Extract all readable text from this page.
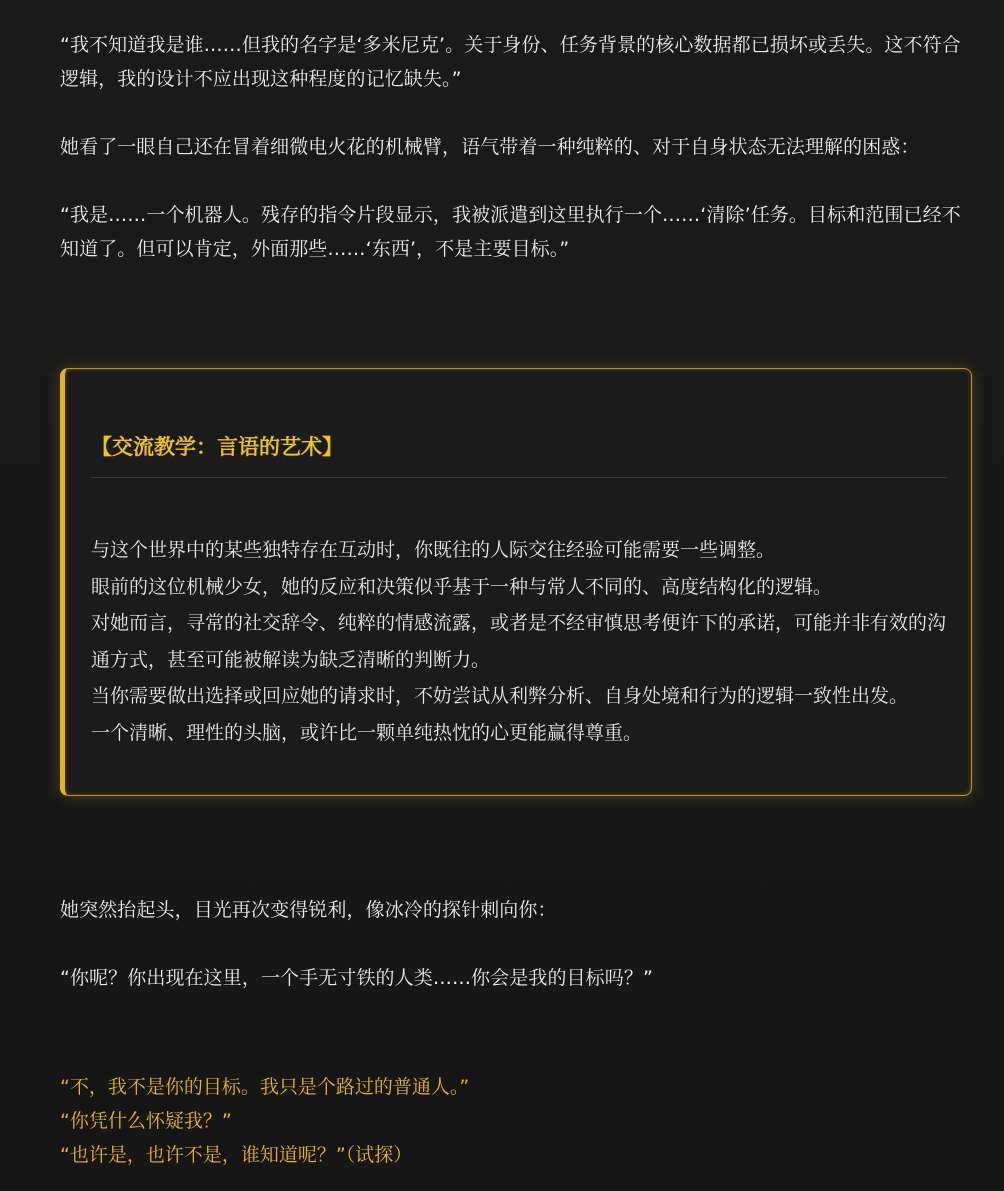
“我不知道我是谁……但我的名字是‘多米尼克’。关于身份、任务背景的核心数据都已损坏或丢失。这不符合逻辑，我的设计不应出现这种程度的记忆缺失。”

她看了一眼自己还在冒着细微电火花的机械臂，语气带着一种纯粹的、对于自身状态无法理解的困惑：

“我是……一个机器人。残存的指令片段显示，我被派遣到这里执行一个……‘清除’任务。目标和范围已经不知道了。但可以肯定，外面那些……‘东西’，不是主要目标。”

【交流教学：言语的艺术】

与这个世界中的某些独特存在互动时，你既往的人际交往经验可能需要一些调整。

眼前的这位机械少女，她的反应和决策似乎基于一种与常人不同的、高度结构化的逻辑。

对她而言，寻常的社交辞令、纯粹的情感流露，或者是不经审慎思考便许下的承诺，可能并非有效的沟通方式，甚至可能被解读为缺乏清晰的判断力。

当你需要做出选择或回应她的请求时，不妨尝试从利弊分析、自身处境和行为的逻辑一致性出发。

一个清晰、理性的头脑，或许比一颗单纯热忱的心更能赢得尊重。

她突然抬起头，目光再次变得锐利，像冰冷的探针刺向你：

“你呢？你出现在这里，一个手无寸铁的人类……你会是我的目标吗？”

“不，我不是你的目标。我只是个路过的普通人。”

“你凭什么怀疑我？”

“也许是，也许不是，谁知道呢？”（试探）
